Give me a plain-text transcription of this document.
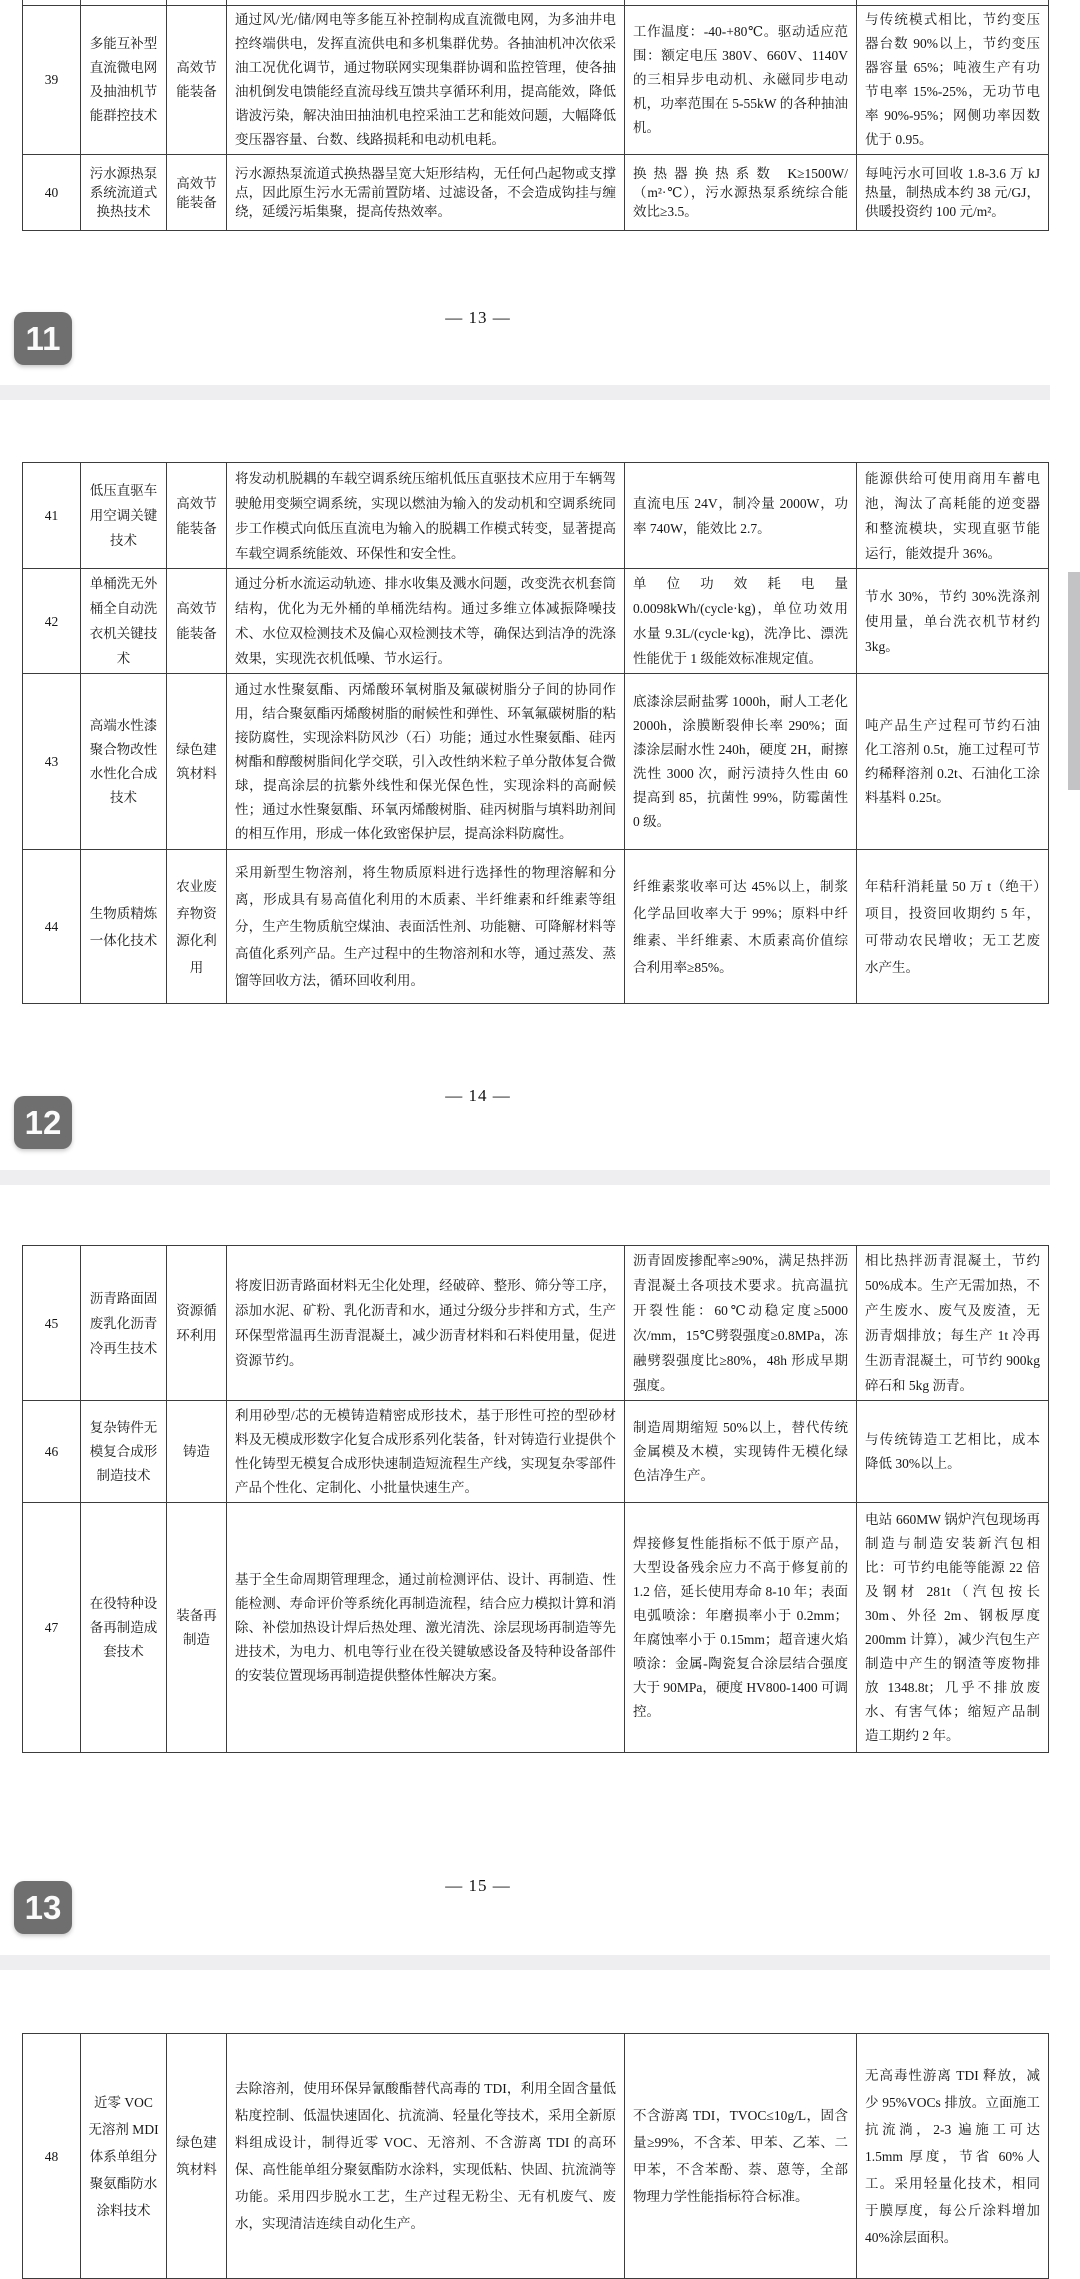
39	多能互补型直流微电网及抽油机节能群控技术	高效节能装备	通过风/光/储/网电等多能互补控制构成直流微电网，为多油井电控终端供电，发挥直流供电和多机集群优势。各抽油机冲次依采油工况优化调节，通过物联网实现集群协调和监控管理，使各抽油机倒发电馈能经直流母线互馈共享循环利用，提高能效，降低谐波污染，解决油田抽油机电控采油工艺和能效问题，大幅降低变压器容量、台数、线路损耗和电动机电耗。	工作温度：-40-+80℃。驱动适应范围：额定电压 380V、660V、1140V 的三相异步电动机、永磁同步电动机，功率范围在 5-55kW 的各种抽油机。	与传统模式相比，节约变压器台数 90%以上，节约变压器容量 65%；吨液生产有功节电率 15%-25%，无功节电率 90%-95%；网侧功率因数优于 0.95。
40	污水源热泵系统流道式换热技术	高效节能装备	污水源热泵流道式换热器呈宽大矩形结构，无任何凸起物或支撑点，因此原生污水无需前置防堵、过滤设备，不会造成钩挂与缠绕，延缓污垢集聚，提高传热效率。	换热器换热系数 K≥1500W/（m²·℃），污水源热泵系统综合能效比≥3.5。	每吨污水可回收 1.8-3.6 万 kJ 热量，制热成本约 38 元/GJ，供暖投资约 100 元/m²。
— 13 —
11
41	低压直驱车用空调关键技术	高效节能装备	将发动机脱耦的车载空调系统压缩机低压直驱技术应用于车辆驾驶舱用变频空调系统，实现以燃油为输入的发动机和空调系统同步工作模式向低压直流电为输入的脱耦工作模式转变，显著提高车载空调系统能效、环保性和安全性。	直流电压 24V，制冷量 2000W，功率 740W，能效比 2.7。	能源供给可使用商用车蓄电池，淘汰了高耗能的逆变器和整流模块，实现直驱节能运行，能效提升 36%。
42	单桶洗无外桶全自动洗衣机关键技术	高效节能装备	通过分析水流运动轨迹、排水收集及溅水问题，改变洗衣机套筒结构，优化为无外桶的单桶洗结构。通过多维立体减振降噪技术、水位双检测技术及偏心双检测技术等，确保达到洁净的洗涤效果，实现洗衣机低噪、节水运行。	单位功效耗电量 0.0098kWh/(cycle·kg)，单位功效用水量 9.3L/(cycle·kg)，洗净比、漂洗性能优于 1 级能效标准规定值。	节水 30%，节约 30%洗涤剂使用量，单台洗衣机节材约 3kg。
43	高端水性漆聚合物改性水性化合成技术	绿色建筑材料	通过水性聚氨酯、丙烯酸环氧树脂及氟碳树脂分子间的协同作用，结合聚氨酯丙烯酸树脂的耐候性和弹性、环氧氟碳树脂的粘接防腐性，实现涂料防风沙（石）功能；通过水性聚氨酯、硅丙树酯和醇酸树脂间化学交联，引入改性纳米粒子单分散体复合微球，提高涂层的抗紫外线性和保光保色性，实现涂料的高耐候性；通过水性聚氨酯、环氧丙烯酸树脂、硅丙树脂与填料助剂间的相互作用，形成一体化致密保护层，提高涂料防腐性。	底漆涂层耐盐雾 1000h，耐人工老化 2000h，涂膜断裂伸长率 290%；面漆涂层耐水性 240h，硬度 2H，耐擦洗性 3000 次，耐污渍持久性由 60 提高到 85，抗菌性 99%，防霉菌性 0 级。	吨产品生产过程可节约石油化工溶剂 0.5t，施工过程可节约稀释溶剂 0.2t、石油化工涂料基料 0.25t。
44	生物质精炼一体化技术	农业废弃物资源化利用	采用新型生物溶剂，将生物质原料进行选择性的物理溶解和分离，形成具有易高值化利用的木质素、半纤维素和纤维素等组分，生产生物质航空煤油、表面活性剂、功能糖、可降解材料等高值化系列产品。生产过程中的生物溶剂和水等，通过蒸发、蒸馏等回收方法，循环回收利用。	纤维素浆收率可达 45%以上，制浆化学品回收率大于 99%；原料中纤维素、半纤维素、木质素高价值综合利用率≥85%。	年秸秆消耗量 50 万 t（绝干）项目，投资回收期约 5 年，可带动农民增收；无工艺废水产生。
— 14 —
12
45	沥青路面固废乳化沥青冷再生技术	资源循环利用	将废旧沥青路面材料无尘化处理，经破碎、整形、筛分等工序，添加水泥、矿粉、乳化沥青和水，通过分级分步拌和方式，生产环保型常温再生沥青混凝土，减少沥青材料和石料使用量，促进资源节约。	沥青固废掺配率≥90%，满足热拌沥青混凝土各项技术要求。抗高温抗开裂性能：60℃动稳定度≥5000 次/mm，15℃劈裂强度≥0.8MPa，冻融劈裂强度比≥80%，48h 形成早期强度。	相比热拌沥青混凝土，节约 50%成本。生产无需加热，不产生废水、废气及废渣，无沥青烟排放；每生产 1t 冷再生沥青混凝土，可节约 900kg 碎石和 5kg 沥青。
46	复杂铸件无模复合成形制造技术	铸造	利用砂型/芯的无模铸造精密成形技术，基于形性可控的型砂材料及无模成形数字化复合成形系列化装备，针对铸造行业提供个性化铸型无模复合成形快速制造短流程生产线，实现复杂零部件产品个性化、定制化、小批量快速生产。	制造周期缩短 50%以上，替代传统金属模及木模，实现铸件无模化绿色洁净生产。	与传统铸造工艺相比，成本降低 30%以上。
47	在役特种设备再制造成套技术	装备再制造	基于全生命周期管理理念，通过前检测评估、设计、再制造、性能检测、寿命评价等系统化再制造流程，结合应力模拟计算和消除、补偿加热设计焊后热处理、激光清洗、涂层现场再制造等先进技术，为电力、机电等行业在役关键敏感设备及特种设备部件的安装位置现场再制造提供整体性解决方案。	焊接修复性能指标不低于原产品，大型设备残余应力不高于修复前的 1.2 倍，延长使用寿命 8-10 年；表面电弧喷涂：年磨损率小于 0.2mm；年腐蚀率小于 0.15mm；超音速火焰喷涂：金属-陶瓷复合涂层结合强度大于 90MPa，硬度 HV800-1400 可调控。	电站 660MW 锅炉汽包现场再制造与制造安装新汽包相比：可节约电能等能源 22 倍及钢材 281t（汽包按长 30m、外径 2m、钢板厚度 200mm 计算），减少汽包生产制造中产生的钢渣等废物排放 1348.8t；几乎不排放废水、有害气体；缩短产品制造工期约 2 年。
— 15 —
13
48	近零 VOC 无溶剂 MDI 体系单组分聚氨酯防水涂料技术	绿色建筑材料	去除溶剂，使用环保异氰酸酯替代高毒的 TDI，利用全固含量低粘度控制、低温快速固化、抗流淌、轻量化等技术，采用全新原料组成设计，制得近零 VOC、无溶剂、不含游离 TDI 的高环保、高性能单组分聚氨酯防水涂料，实现低粘、快固、抗流淌等功能。采用四步脱水工艺，生产过程无粉尘、无有机废气、废水，实现清洁连续自动化生产。	不含游离 TDI，TVOC≤10g/L，固含量≥99%，不含苯、甲苯、乙苯、二甲苯，不含苯酚、萘、蒽等，全部物理力学性能指标符合标准。	无高毒性游离 TDI 释放，减少 95%VOCs 排放。立面施工抗流淌，2-3 遍施工可达 1.5mm 厚度，节省 60%人工。采用轻量化技术，相同于膜厚度，每公斤涂料增加 40%涂层面积。
